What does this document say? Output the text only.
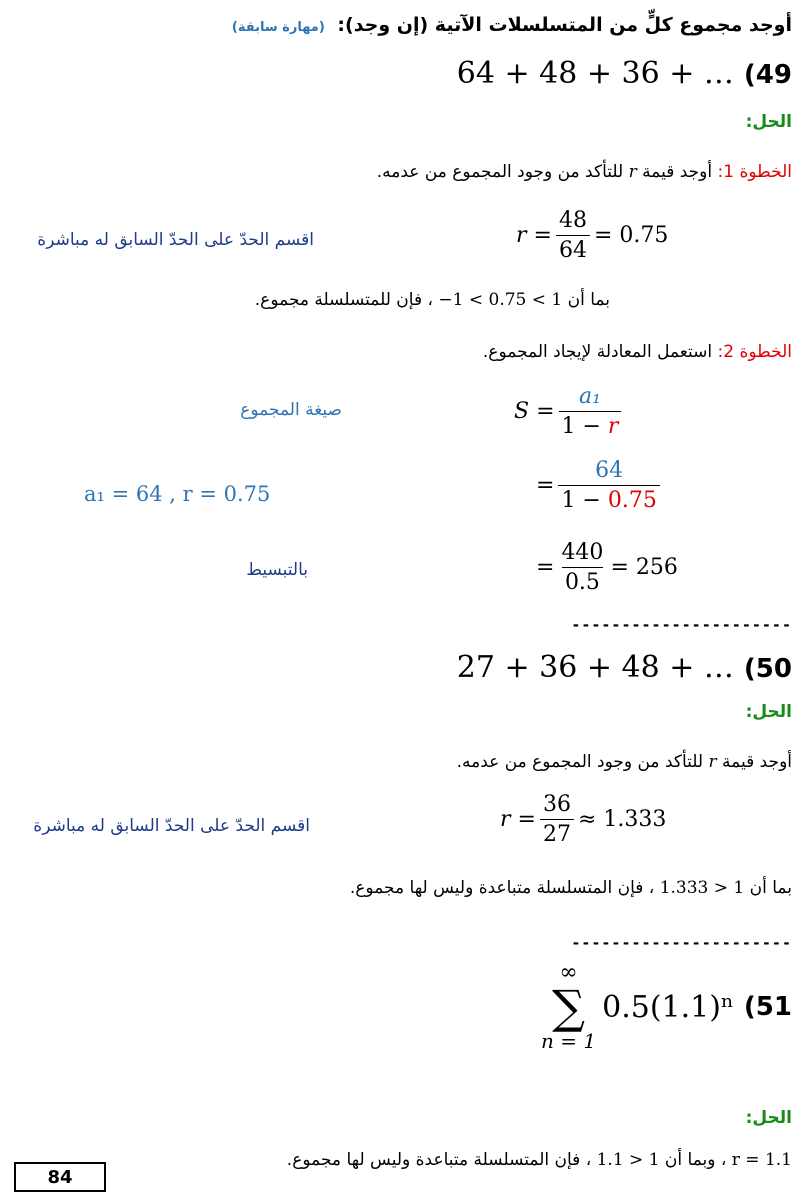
أوجد مجموع كلٍّ من المتسلسلات الآتية (إن وجد): (مهارة سابقة)
64 + 48 + 36 + … (49
الحل:
الخطوة 1: أوجد قيمة r للتأكد من وجود المجموع من عدمه.
$r = \frac{48}{64} = 0.75$
اقسم الحدّ على الحدّ السابق له مباشرة
بما أن −1 < 0.75 < 1 ، فإن للمتسلسلة مجموع.
الخطوة 2: استعمل المعادلة لإيجاد المجموع.
$S = \frac{\text{a₁}}{1 - r}$
صيغة المجموع
= $\frac{64}{1 - 0.75}$
a₁ = 64 , r = 0.75
= $\frac{440}{0.5} = 256$
بالتبسيط
----------------------
27 + 36 + 48 + … (50
الحل:
أوجد قيمة r للتأكد من وجود المجموع من عدمه.
$r = \frac{36}{27} \approx 1.333$
اقسم الحدّ على الحدّ السابق له مباشرة
بما أن 1.333 > 1 ، فإن المتسلسلة متباعدة وليس لها مجموع.
----------------------
∞
∑
n = 1
0.5(1.1)ⁿ (51
الحل:
r = 1.1 ، وبما أن 1.1 > 1 ، فإن المتسلسلة متباعدة وليس لها مجموع.
84
